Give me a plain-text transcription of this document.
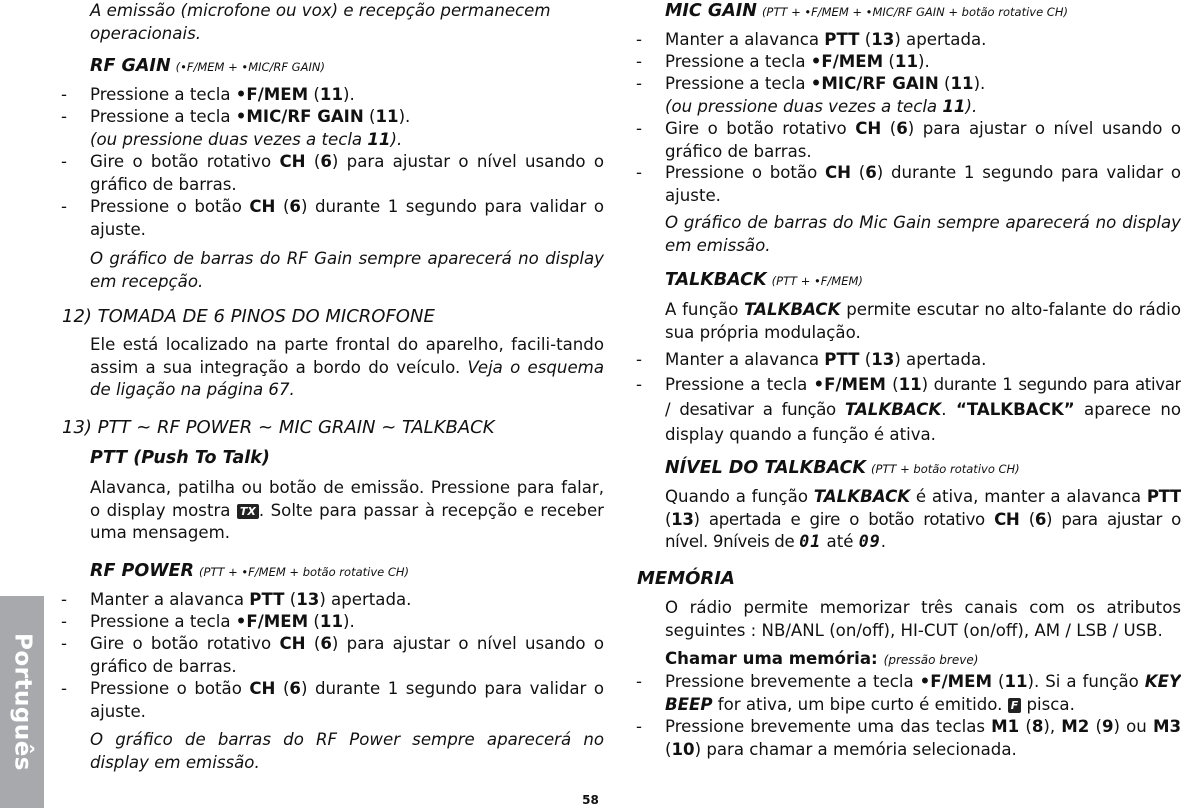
Português

A emissão (microfone ou vox) e recepção permanecem operacionais.

RF GAIN (•F/MEM + •MIC/RF GAIN)

- Pressione a tecla •F/MEM (11).
- Pressione a tecla •MIC/RF GAIN (11).
(ou pressione duas vezes a tecla 11).
- Gire o botão rotativo CH (6) para ajustar o nível usando o gráfico de barras.
- Pressione o botão CH (6) durante 1 segundo para validar o ajuste.

O gráfico de barras do RF Gain sempre aparecerá no display em recepção.

12) TOMADA DE 6 PINOS DO MICROFONE

Ele está localizado na parte frontal do aparelho, facili-tando assim a sua integração a bordo do veículo. Veja o esquema de ligação na página 67.

13) PTT ~ RF POWER ~ MIC GRAIN ~ TALKBACK

PTT (Push To Talk)

Alavanca, patilha ou botão de emissão. Pressione para falar, o display mostra TX . Solte para passar à recepção e receber uma mensagem.

RF POWER (PTT + •F/MEM + botão rotative CH)

- Manter a alavanca PTT (13) apertada.
- Pressione a tecla •F/MEM (11).
- Gire o botão rotativo CH (6) para ajustar o nível usando o gráfico de barras.
- Pressione o botão CH (6) durante 1 segundo para validar o ajuste.

O gráfico de barras do RF Power sempre aparecerá no display em emissão.

MIC GAIN (PTT + •F/MEM + •MIC/RF GAIN + botão rotative CH)

- Manter a alavanca PTT (13) apertada.
- Pressione a tecla •F/MEM (11).
- Pressione a tecla •MIC/RF GAIN (11).
(ou pressione duas vezes a tecla 11).
- Gire o botão rotativo CH (6) para ajustar o nível usando o gráfico de barras.
- Pressione o botão CH (6) durante 1 segundo para validar o ajuste.

O gráfico de barras do Mic Gain sempre aparecerá no display em emissão.

TALKBACK (PTT + •F/MEM)

A função TALKBACK permite escutar no alto-falante do rádio sua própria modulação.

- Manter a alavanca PTT (13) apertada.
- Pressione a tecla •F/MEM (11) durante 1 segundo para ativar / desativar a função TALKBACK. “TALKBACK” aparece no display quando a função é ativa.

NÍVEL DO TALKBACK (PTT + botão rotativo CH)

Quando a função TALKBACK é ativa, manter a alavanca PTT (13) apertada e gire o botão rotativo CH (6) para ajustar o nível. 9níveis de 01 até 09.

MEMÓRIA

O rádio permite memorizar três canais com os atributos seguintes : NB/ANL (on/off), HI-CUT (on/off), AM / LSB / USB.

Chamar uma memória: (pressão breve)

- Pressione brevemente a tecla •F/MEM (11). Si a função KEY BEEP for ativa, um bipe curto é emitido. F pisca.
- Pressione brevemente uma das teclas M1 (8), M2 (9) ou M3 (10) para chamar a memória selecionada.
58
